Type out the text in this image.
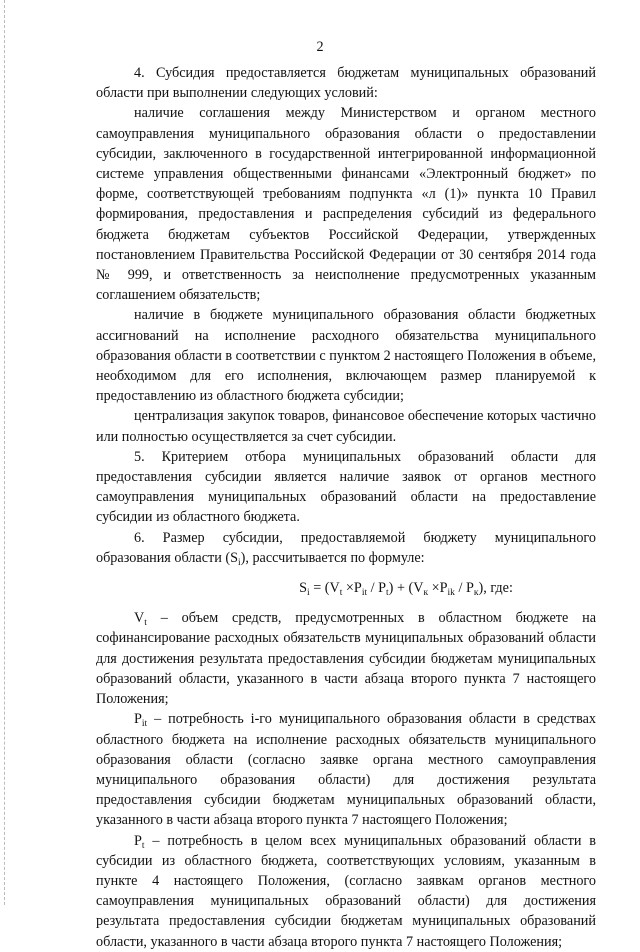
2

4. Субсидия предоставляется бюджетам муниципальных образований области при выполнении следующих условий:

наличие соглашения между Министерством и органом местного самоуправления муниципального образования области о предоставлении субсидии, заключенного в государственной интегрированной информационной системе управления общественными финансами «Электронный бюджет» по форме, соответствующей требованиям подпункта «л (1)» пункта 10 Правил формирования, предоставления и распределения субсидий из федерального бюджета бюджетам субъектов Российской Федерации, утвержденных постановлением Правительства Российской Федерации от 30 сентября 2014 года № 999, и ответственность за неисполнение предусмотренных указанным соглашением обязательств;

наличие в бюджете муниципального образования области бюджетных ассигнований на исполнение расходного обязательства муниципального образования области в соответствии с пунктом 2 настоящего Положения в объеме, необходимом для его исполнения, включающем размер планируемой к предоставлению из областного бюджета субсидии;

централизация закупок товаров, финансовое обеспечение которых частично или полностью осуществляется за счет субсидии.

5. Критерием отбора муниципальных образований области для предоставления субсидии является наличие заявок от органов местного самоуправления муниципальных образований области на предоставление субсидии из областного бюджета.

6. Размер субсидии, предоставляемой бюджету муниципального образования области $(S_i)$, рассчитывается по формуле:

$S_i = (V_t \times P_{it} / P_t) + (V_к \times P_{ik} / P_к)$, где:

$V_t$ – объем средств, предусмотренных в областном бюджете на софинансирование расходных обязательств муниципальных образований области для достижения результата предоставления субсидии бюджетам муниципальных образований области, указанного в части абзаца второго пункта 7 настоящего Положения;

$P_{it}$ – потребность i-го муниципального образования области в средствах областного бюджета на исполнение расходных обязательств муниципального образования области (согласно заявке органа местного самоуправления муниципального образования области) для достижения результата предоставления субсидии бюджетам муниципальных образований области, указанного в части абзаца второго пункта 7 настоящего Положения;

$P_t$ – потребность в целом всех муниципальных образований области в субсидии из областного бюджета, соответствующих условиям, указанным в пункте 4 настоящего Положения, (согласно заявкам органов местного самоуправления муниципальных образований области) для достижения результата предоставления субсидии бюджетам муниципальных образований области, указанного в части абзаца второго пункта 7 настоящего Положения;
